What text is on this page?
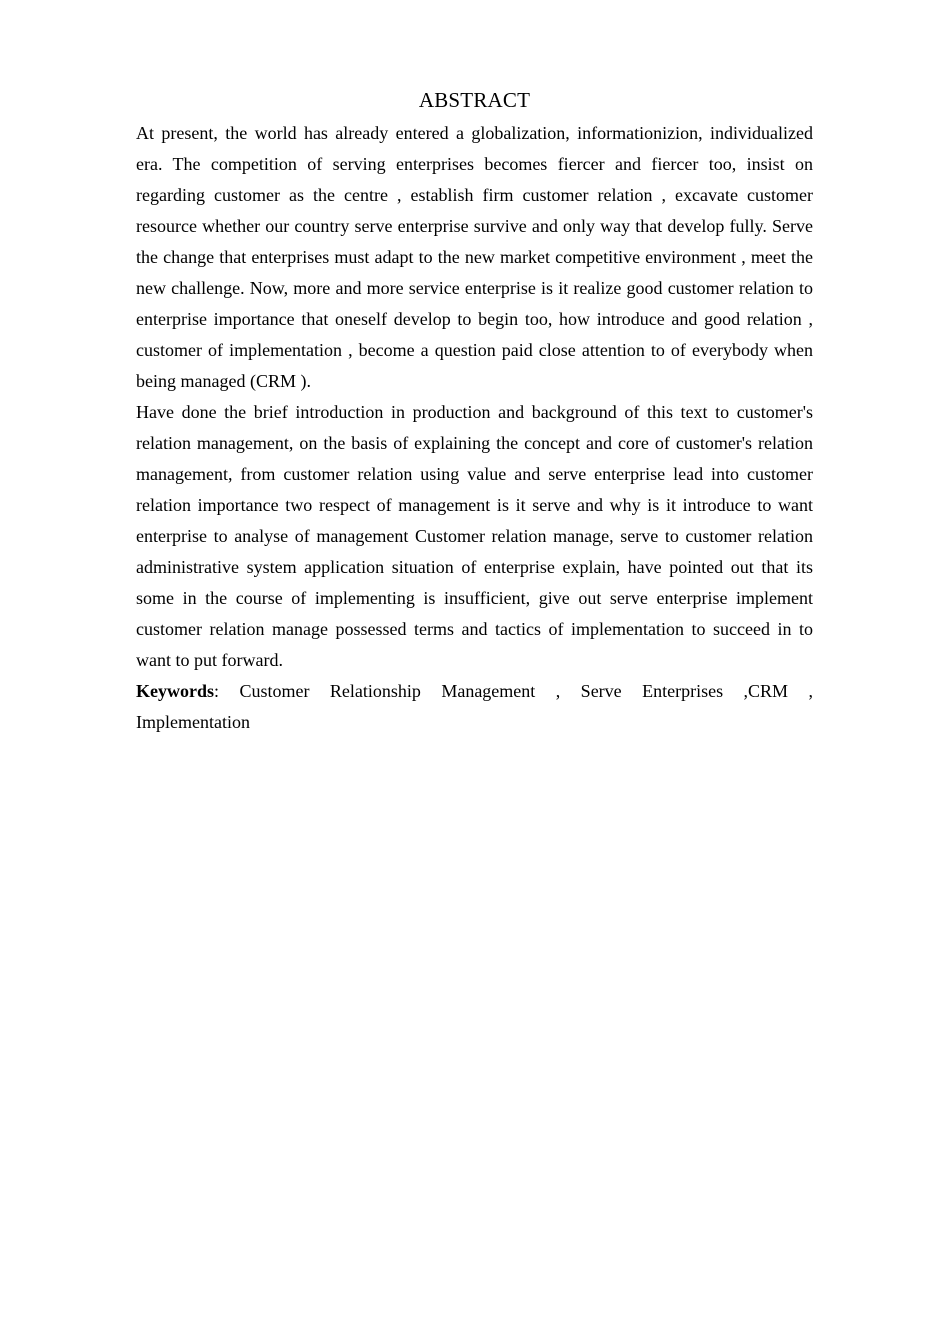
ABSTRACT

At present, the world has already entered a globalization, informationizion, individualized era. The competition of serving enterprises becomes fiercer and fiercer too, insist on regarding customer as the centre , establish firm customer relation , excavate customer resource whether our country serve enterprise survive and only way that develop fully. Serve the change that enterprises must adapt to the new market competitive environment , meet the new challenge. Now, more and more service enterprise is it realize good customer relation to enterprise importance that oneself develop to begin too, how introduce and good relation , customer of implementation , become a question paid close attention to of everybody when being managed (CRM ).

Have done the brief introduction in production and background of this text to customer's relation management, on the basis of explaining the concept and core of customer's relation management, from customer relation using value and serve enterprise lead into customer relation importance two respect of management is it serve and why is it introduce to want enterprise to analyse of management Customer relation manage, serve to customer relation administrative system application situation of enterprise explain, have pointed out that its some in the course of implementing is insufficient, give out serve enterprise implement customer relation manage possessed terms and tactics of implementation to succeed in to want to put forward.

Keywords: Customer Relationship Management , Serve Enterprises ,CRM , Implementation
